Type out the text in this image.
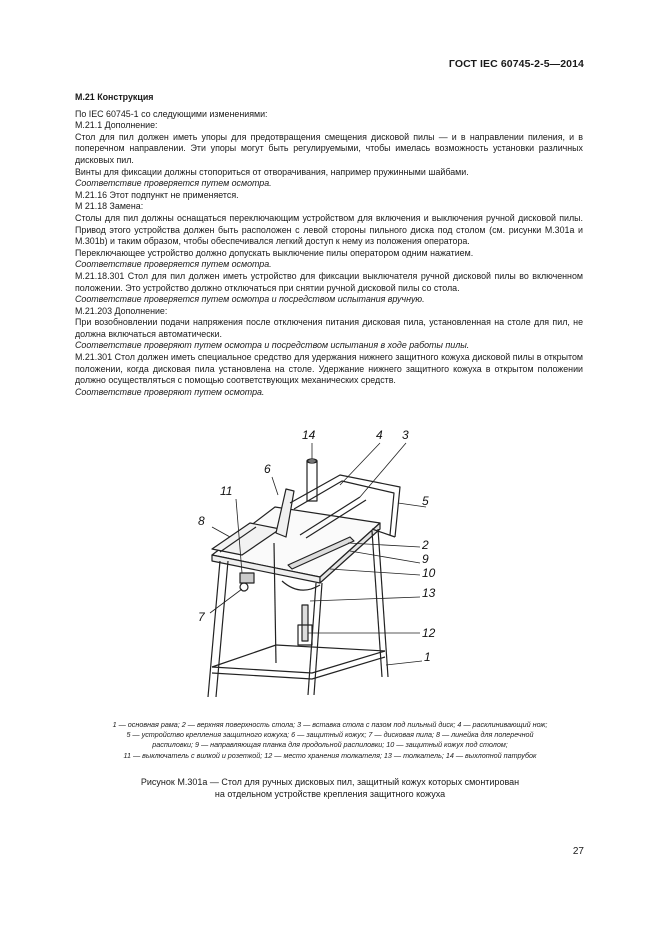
ГОСТ IEC 60745-2-5—2014

М.21 Конструкция

По IEC 60745-1 со следующими изменениями:

М.21.1 Дополнение:

Стол для пил должен иметь упоры для предотвращения смещения дисковой пилы — и в направлении пиления, и в поперечном направлении. Эти упоры могут быть регулируемыми, чтобы имелась возможность установки различных дисковых пил.

Винты для фиксации должны стопориться от отворачивания, например пружинными шайбами.

Соответствие проверяется путем осмотра.

М.21.16 Этот подпункт не применяется.

М 21.18 Замена:

Столы для пил должны оснащаться переключающим устройством для включения и выключения ручной дисковой пилы. Привод этого устройства должен быть расположен с левой стороны пильного диска под столом (см. рисунки М.301а и М.301b) и таким образом, чтобы обеспечивался легкий доступ к нему из положения оператора.

Переключающее устройство должно допускать выключение пилы оператором одним нажатием.

Соответствие проверяется путем осмотра.

М.21.18.301 Стол для пил должен иметь устройство для фиксации выключателя ручной дисковой пилы во включенном положении. Это устройство должно отключаться при снятии ручной дисковой пилы со стола.

Соответствие проверяется путем осмотра и посредством испытания вручную.

М.21.203 Дополнение:

При возобновлении подачи напряжения после отключения питания дисковая пила, установленная на столе для пил, не должна включаться автоматически.

Соответствие проверяют путем осмотра и посредством испытания в ходе работы пилы.

М.21.301 Стол должен иметь специальное средство для удержания нижнего защитного кожуха дисковой пилы в открытом положении, когда дисковая пила установлена на столе. Удержание нижнего защитного кожуха в открытом положении должно осуществляться с помощью соответствующих механических средств.

Соответствие проверяют путем осмотра.

14	4 3
6
5
11
8
2
9
10
7
13
12
1
1 — основная рама; 2 — верхняя поверхность стола; 3 — вставка стола с пазом под пильный диск; 4 — расклинивающий нож;
5 — устройство крепления защитного кожуха; 6 — защитный кожух; 7 — дисковая пила; 8 — линейка для поперечной
распиловки; 9 — направляющая планка для продольной распиловки; 10 — защитный кожух под столом;
11 — выключатель с вилкой и розеткой; 12 — место хранения толкателя; 13 — толкатель; 14 — выхлопной патрубок
Рисунок М.301а — Стол для ручных дисковых пил, защитный кожух которых смонтирован
на отдельном устройстве крепления защитного кожуха
27
